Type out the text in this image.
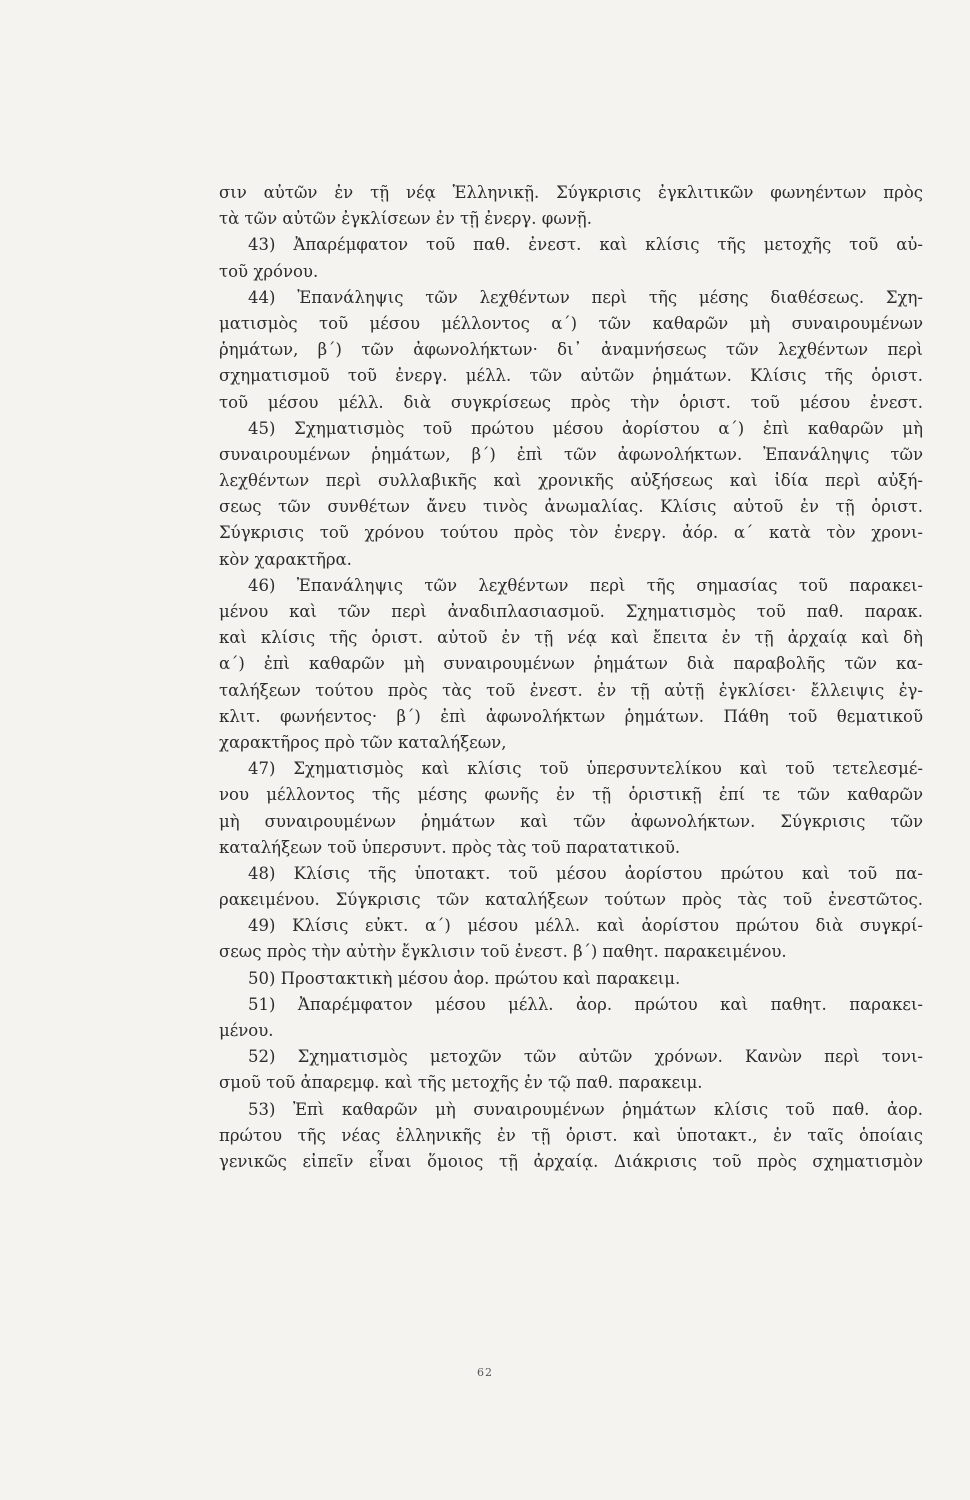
σιν αὐτῶν ἐν τῇ νέᾳ Ἑλληνικῇ. Σύγκρισις ἐγκλιτικῶν φωνηέντων πρὸς
τὰ τῶν αὐτῶν ἐγκλίσεων ἐν τῇ ἐνεργ. φωνῇ.
43) Ἀπαρέμφατον τοῦ παθ. ἐνεστ. καὶ κλίσις τῆς μετοχῆς τοῦ αὐ-
τοῦ χρόνου.
44) Ἐπανάληψις τῶν λεχθέντων περὶ τῆς μέσης διαθέσεως. Σχη-
ματισμὸς τοῦ μέσου μέλλοντος α΄) τῶν καθαρῶν μὴ συναιρουμένων
ῥημάτων, β΄) τῶν ἀφωνολήκτων· δι᾽ ἀναμνήσεως τῶν λεχθέντων περὶ
σχηματισμοῦ τοῦ ἐνεργ. μέλλ. τῶν αὐτῶν ῥημάτων. Κλίσις τῆς ὁριστ.
τοῦ μέσου μέλλ. διὰ συγκρίσεως πρὸς τὴν ὁριστ. τοῦ μέσου ἐνεστ.
45) Σχηματισμὸς τοῦ πρώτου μέσου ἀορίστου α΄) ἐπὶ καθαρῶν μὴ
συναιρουμένων ῥημάτων, β΄) ἐπὶ τῶν ἀφωνολήκτων. Ἐπανάληψις τῶν
λεχθέντων περὶ συλλαβικῆς καὶ χρονικῆς αὐξήσεως καὶ ἰδία περὶ αὐξή-
σεως τῶν συνθέτων ἄνευ τινὸς ἀνωμαλίας. Κλίσις αὐτοῦ ἐν τῇ ὁριστ.
Σύγκρισις τοῦ χρόνου τούτου πρὸς τὸν ἐνεργ. ἀόρ. α΄ κατὰ τὸν χρονι-
κὸν χαρακτῆρα.
46) Ἐπανάληψις τῶν λεχθέντων περὶ τῆς σημασίας τοῦ παρακει-
μένου καὶ τῶν περὶ ἀναδιπλασιασμοῦ. Σχηματισμὸς τοῦ παθ. παρακ.
καὶ κλίσις τῆς ὁριστ. αὐτοῦ ἐν τῇ νέᾳ καὶ ἔπειτα ἐν τῇ ἀρχαίᾳ καὶ δὴ
α΄) ἐπὶ καθαρῶν μὴ συναιρουμένων ῥημάτων διὰ παραβολῆς τῶν κα-
ταλήξεων τούτου πρὸς τὰς τοῦ ἐνεστ. ἐν τῇ αὐτῇ ἐγκλίσει· ἔλλειψις ἐγ-
κλιτ. φωνήεντος· β΄) ἐπὶ ἀφωνολήκτων ῥημάτων. Πάθη τοῦ θεματικοῦ
χαρακτῆρος πρὸ τῶν καταλήξεων,
47) Σχηματισμὸς καὶ κλίσις τοῦ ὑπερσυντελίκου καὶ τοῦ τετελεσμέ-
νου μέλλοντος τῆς μέσης φωνῆς ἐν τῇ ὁριστικῇ ἐπί τε τῶν καθαρῶν
μὴ συναιρουμένων ῥημάτων καὶ τῶν ἀφωνολήκτων. Σύγκρισις τῶν
καταλήξεων τοῦ ὑπερσυντ. πρὸς τὰς τοῦ παρατατικοῦ.
48) Κλίσις τῆς ὑποτακτ. τοῦ μέσου ἀορίστου πρώτου καὶ τοῦ πα-
ρακειμένου. Σύγκρισις τῶν καταλήξεων τούτων πρὸς τὰς τοῦ ἐνεστῶτος.
49) Κλίσις εὐκτ. α΄) μέσου μέλλ. καὶ ἀορίστου πρώτου διὰ συγκρί-
σεως πρὸς τὴν αὐτὴν ἔγκλισιν τοῦ ἐνεστ. β΄) παθητ. παρακειμένου.
50) Προστακτικὴ μέσου ἀορ. πρώτου καὶ παρακειμ.
51) Ἀπαρέμφατον μέσου μέλλ. ἀορ. πρώτου καὶ παθητ. παρακει-
μένου.
52) Σχηματισμὸς μετοχῶν τῶν αὐτῶν χρόνων. Κανὼν περὶ τονι-
σμοῦ τοῦ ἀπαρεμφ. καὶ τῆς μετοχῆς ἐν τῷ παθ. παρακειμ.
53) Ἐπὶ καθαρῶν μὴ συναιρουμένων ῥημάτων κλίσις τοῦ παθ. ἀορ.
πρώτου τῆς νέας ἑλληνικῆς ἐν τῇ ὁριστ. καὶ ὑποτακτ., ἐν ταῖς ὁποίαις
γενικῶς εἰπεῖν εἶναι ὅμοιος τῇ ἀρχαίᾳ. Διάκρισις τοῦ πρὸς σχηματισμὸν
62
